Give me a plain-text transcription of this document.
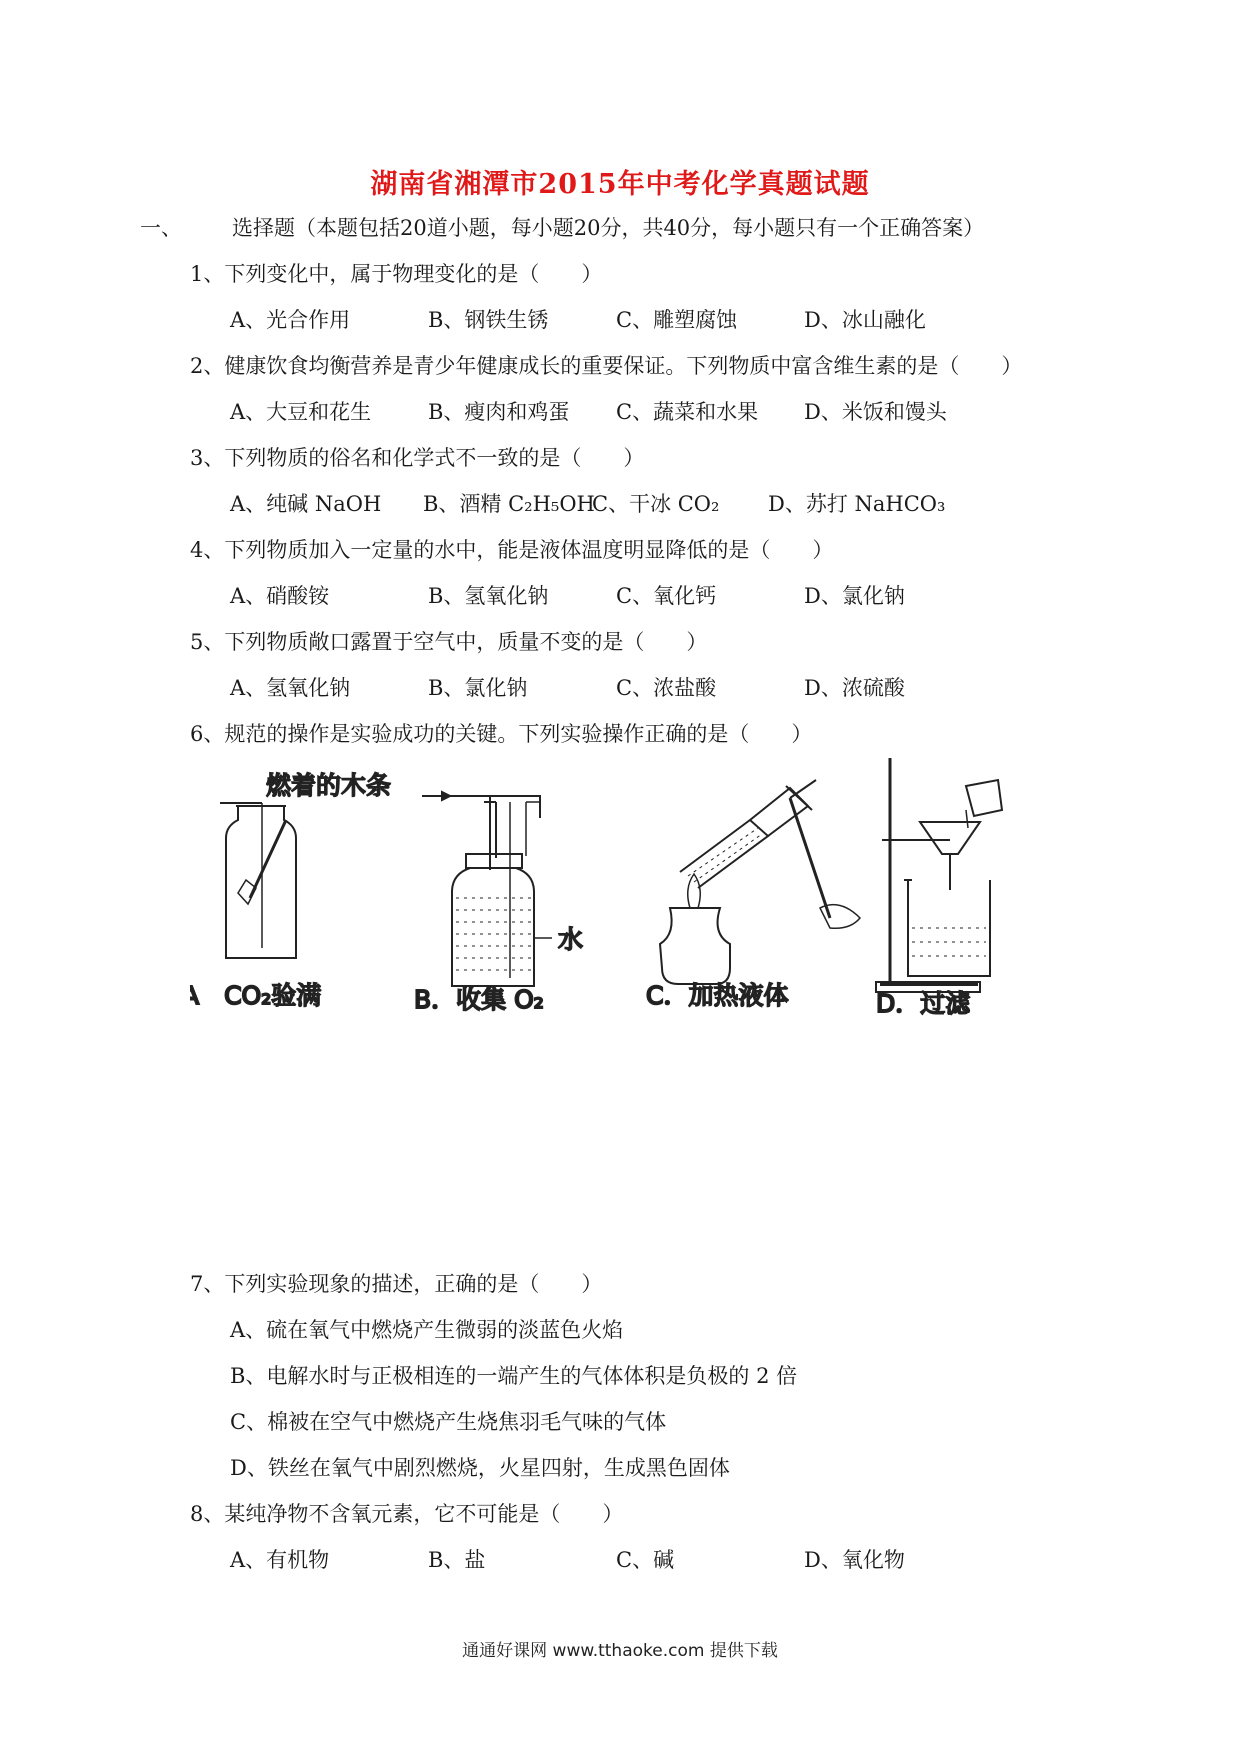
湖南省湘潭市2015年中考化学真题试题
一、 选择题（本题包括20道小题，每小题20分，共40分，每小题只有一个正确答案）
1、下列变化中，属于物理变化的是（　　）
A、光合作用	B、钢铁生锈	C、雕塑腐蚀	D、冰山融化
2、健康饮食均衡营养是青少年健康成长的重要保证。下列物质中富含维生素的是（　　）
A、大豆和花生	B、瘦肉和鸡蛋 C、蔬菜和水果 D、米饭和馒头
3、下列物质的俗名和化学式不一致的是（　　）
A、纯碱 NaOH B、酒精 C₂H₅OH
C、干冰 CO₂ D、苏打 NaHCO₃
4、下列物质加入一定量的水中，能是液体温度明显降低的是（　　）
A、硝酸铵	B、氢氧化钠	C、氧化钙	D、氯化钠
5、下列物质敞口露置于空气中，质量不变的是（　　）
A、氢氧化钠	B、氯化钠	C、浓盐酸	D、浓硫酸
6、规范的操作是实验成功的关键。下列实验操作正确的是（　　）
燃着的木条
A　CO₂验满
水
B．收集 O₂	C．加热液体	D．过滤
7、下列实验现象的描述，正确的是（　　）
A、硫在氧气中燃烧产生微弱的淡蓝色火焰
B、电解水时与正极相连的一端产生的气体体积是负极的 2 倍
C、棉被在空气中燃烧产生烧焦羽毛气味的气体
D、铁丝在氧气中剧烈燃烧，火星四射，生成黑色固体
8、某纯净物不含氧元素，它不可能是（　　）
A、有机物	B、盐	C、碱	D、氧化物
通通好课网 www.tthaoke.com 提供下载
